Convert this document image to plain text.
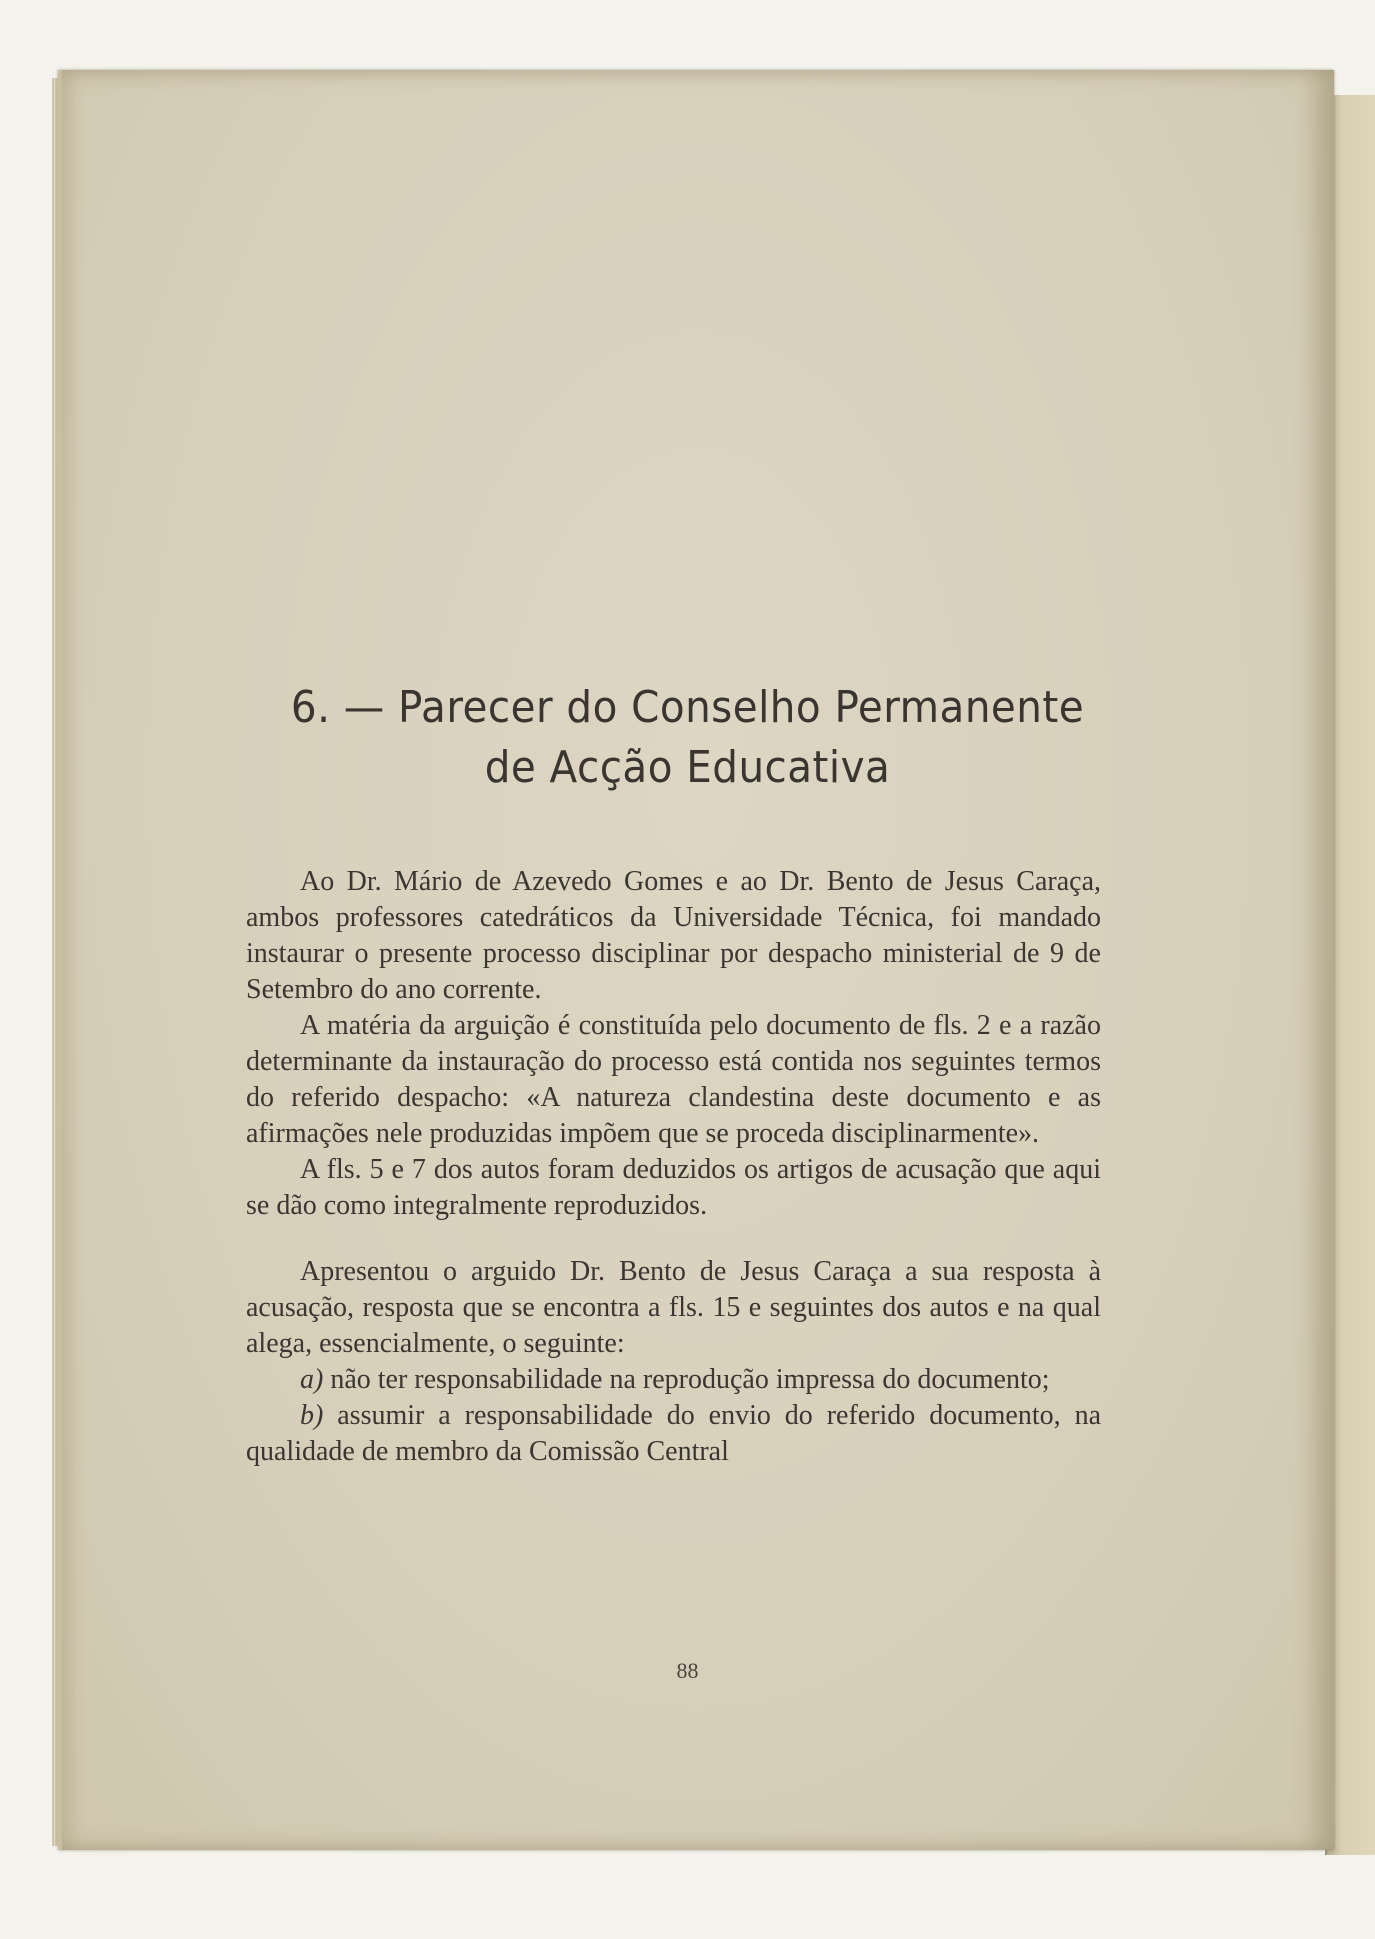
6. — Parecer do Conselho Permanente
de Acção Educativa

Ao Dr. Mário de Azevedo Gomes e ao Dr. Bento de Jesus Caraça, ambos professores catedráticos da Universidade Técnica, foi mandado instaurar o presente processo disciplinar por despacho ministerial de 9 de Setembro do ano corrente.

A matéria da arguição é constituída pelo documento de fls. 2 e a razão determinante da instauração do processo está contida nos seguintes termos do referido despacho: «A natureza clandestina deste documento e as afirmações nele produzidas impõem que se proceda disciplinarmente».

A fls. 5 e 7 dos autos foram deduzidos os artigos de acusação que aqui se dão como integralmente reproduzidos.

Apresentou o arguido Dr. Bento de Jesus Caraça a sua resposta à acusação, resposta que se encontra a fls. 15 e seguintes dos autos e na qual alega, essencialmente, o seguinte:

a) não ter responsabilidade na reprodução impressa do documento;

b) assumir a responsabilidade do envio do referido documento, na qualidade de membro da Comissão Central

88
